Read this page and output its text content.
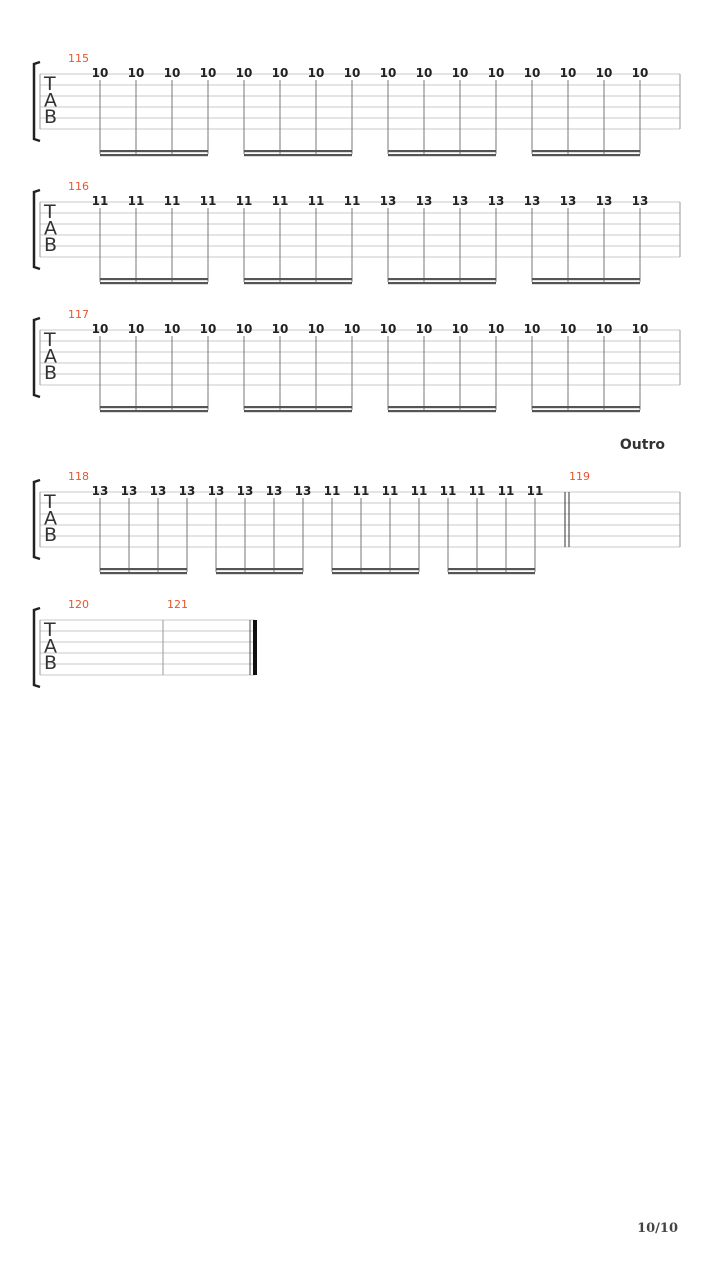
T
A
B
115
10 10 10 10 10 10 10 10 10 10 10 10 10 10 10 10
T
A
B
116
11 11 11 11 11 11 11 11 13 13 13 13 13 13 13 13
T
A
B
117
10 10 10 10 10 10 10 10 10 10 10 10 10 10 10 10
T
A
B
118
13 13 13 13 13 13 13 13 11 11 11 11 11 11 11 11
119
T
A
B
120	121
Outro
10/10
